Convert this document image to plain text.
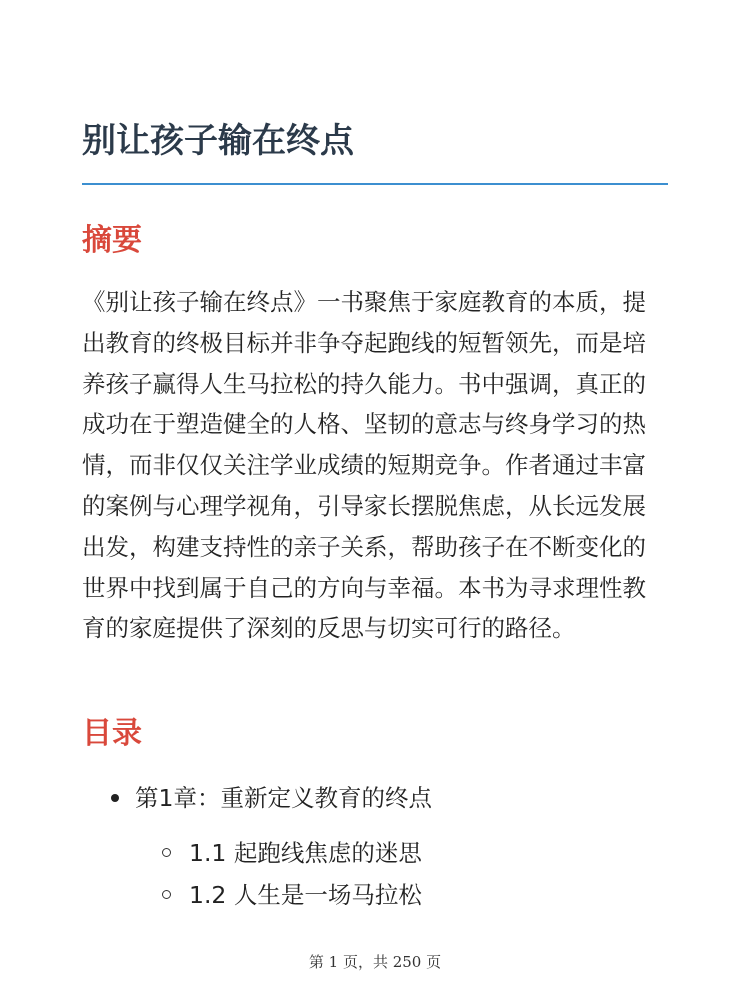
别让孩子输在终点
摘要

《别让孩子输在终点》一书聚焦于家庭教育的本质，提出教育的终极目标并非争夺起跑线的短暂领先，而是培养孩子赢得人生马拉松的持久能力。书中强调，真正的成功在于塑造健全的人格、坚韧的意志与终身学习的热情，而非仅仅关注学业成绩的短期竞争。作者通过丰富的案例与心理学视角，引导家长摆脱焦虑，从长远发展出发，构建支持性的亲子关系，帮助孩子在不断变化的世界中找到属于自己的方向与幸福。本书为寻求理性教育的家庭提供了深刻的反思与切实可行的路径。

目录
第1章：重新定义教育的终点
1.1 起跑线焦虑的迷思
1.2 人生是一场马拉松
第 1 页，共 250 页
